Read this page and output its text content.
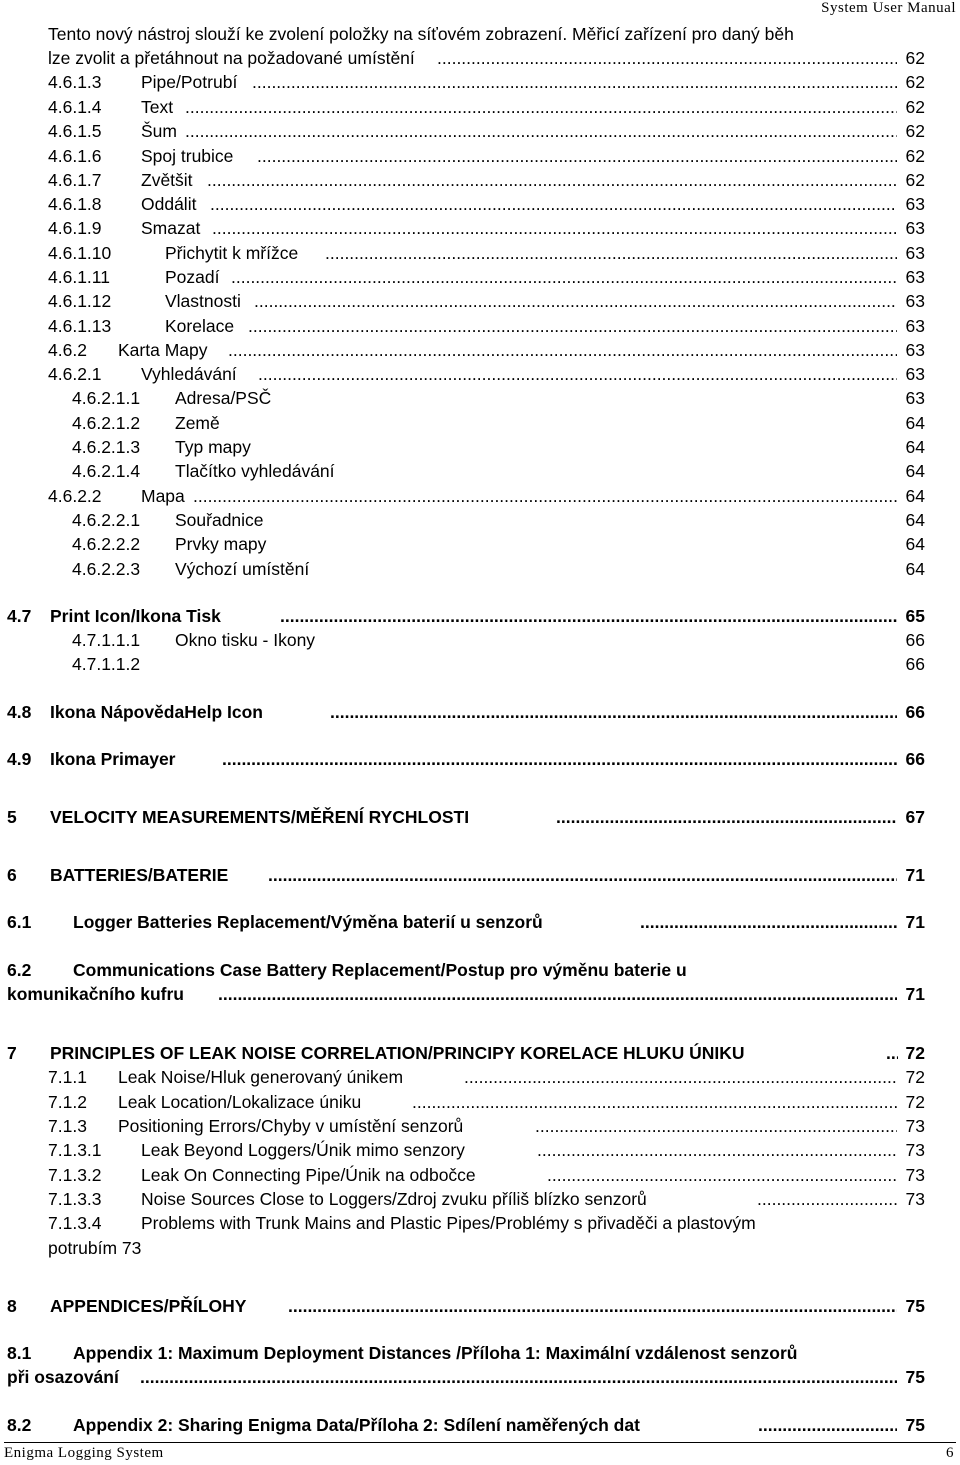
System User Manual
Tento nový nástroj slouží ke zvolení položky na síťovém zobrazení. Měřicí zařízení pro daný běh
lze zvolit a přetáhnout na požadované umístění .....	62
4.6.1.3 Pipe/Potrubí .....	62
4.6.1.4 Text .....	62
4.6.1.5 Šum .....	62
4.6.1.6 Spoj trubice .....	62
4.6.1.7 Zvětšit .....	62
4.6.1.8 Oddálit .....	63
4.6.1.9 Smazat .....	63
4.6.1.10	Přichytit k mřížce .....	63
4.6.1.11	Pozadí .....	63
4.6.1.12	Vlastnosti .....	63
4.6.1.13	Korelace .....	63
4.6.2 Karta Mapy .....	63
4.6.2.1 Vyhledávání .....	63
4.6.2.1.1 Adresa/PSČ	63
4.6.2.1.2 Země	64
4.6.2.1.3 Typ mapy	64
4.6.2.1.4 Tlačítko vyhledávání	64
4.6.2.2 Mapa .....	64
4.6.2.2.1 Souřadnice	64
4.6.2.2.2 Prvky mapy	64
4.6.2.2.3 Výchozí umístění	64
4.7 Print Icon/Ikona Tisk .....	65
4.7.1.1.1 Okno tisku - Ikony	66
4.7.1.1.2	66
4.8 Ikona NápovědaHelp Icon .....	66
4.9 Ikona Primayer .....	66
5 VELOCITY MEASUREMENTS/MĚŘENÍ RYCHLOSTI .....	67
6 BATTERIES/BATERIE .....	71
6.1 Logger Batteries Replacement/Výměna baterií u senzorů .....	71
6.2 Communications Case Battery Replacement/Postup pro výměnu baterie u
komunikačního kufru .....	71
7 PRINCIPLES OF LEAK NOISE CORRELATION/PRINCIPY KORELACE HLUKU ÚNIKU .....	72
7.1.1 Leak Noise/Hluk generovaný únikem .....	72
7.1.2 Leak Location/Lokalizace úniku .....	72
7.1.3 Positioning Errors/Chyby v umístění senzorů .....	73
7.1.3.1 Leak Beyond Loggers/Únik mimo senzory .....	73
7.1.3.2 Leak On Connecting Pipe/Únik na odbočce .....	73
7.1.3.3 Noise Sources Close to Loggers/Zdroj zvuku příliš blízko senzorů .....	73
7.1.3.4 Problems with Trunk Mains and Plastic Pipes/Problémy s přivaděči a plastovým
potrubím 73
8 APPENDICES/PŘÍLOHY .....	75
8.1 Appendix 1: Maximum Deployment Distances /Příloha 1: Maximální vzdálenost senzorů
při osazování .....	75
8.2 Appendix 2: Sharing Enigma Data/Příloha 2: Sdílení naměřených dat .....	75
Enigma Logging System	6
